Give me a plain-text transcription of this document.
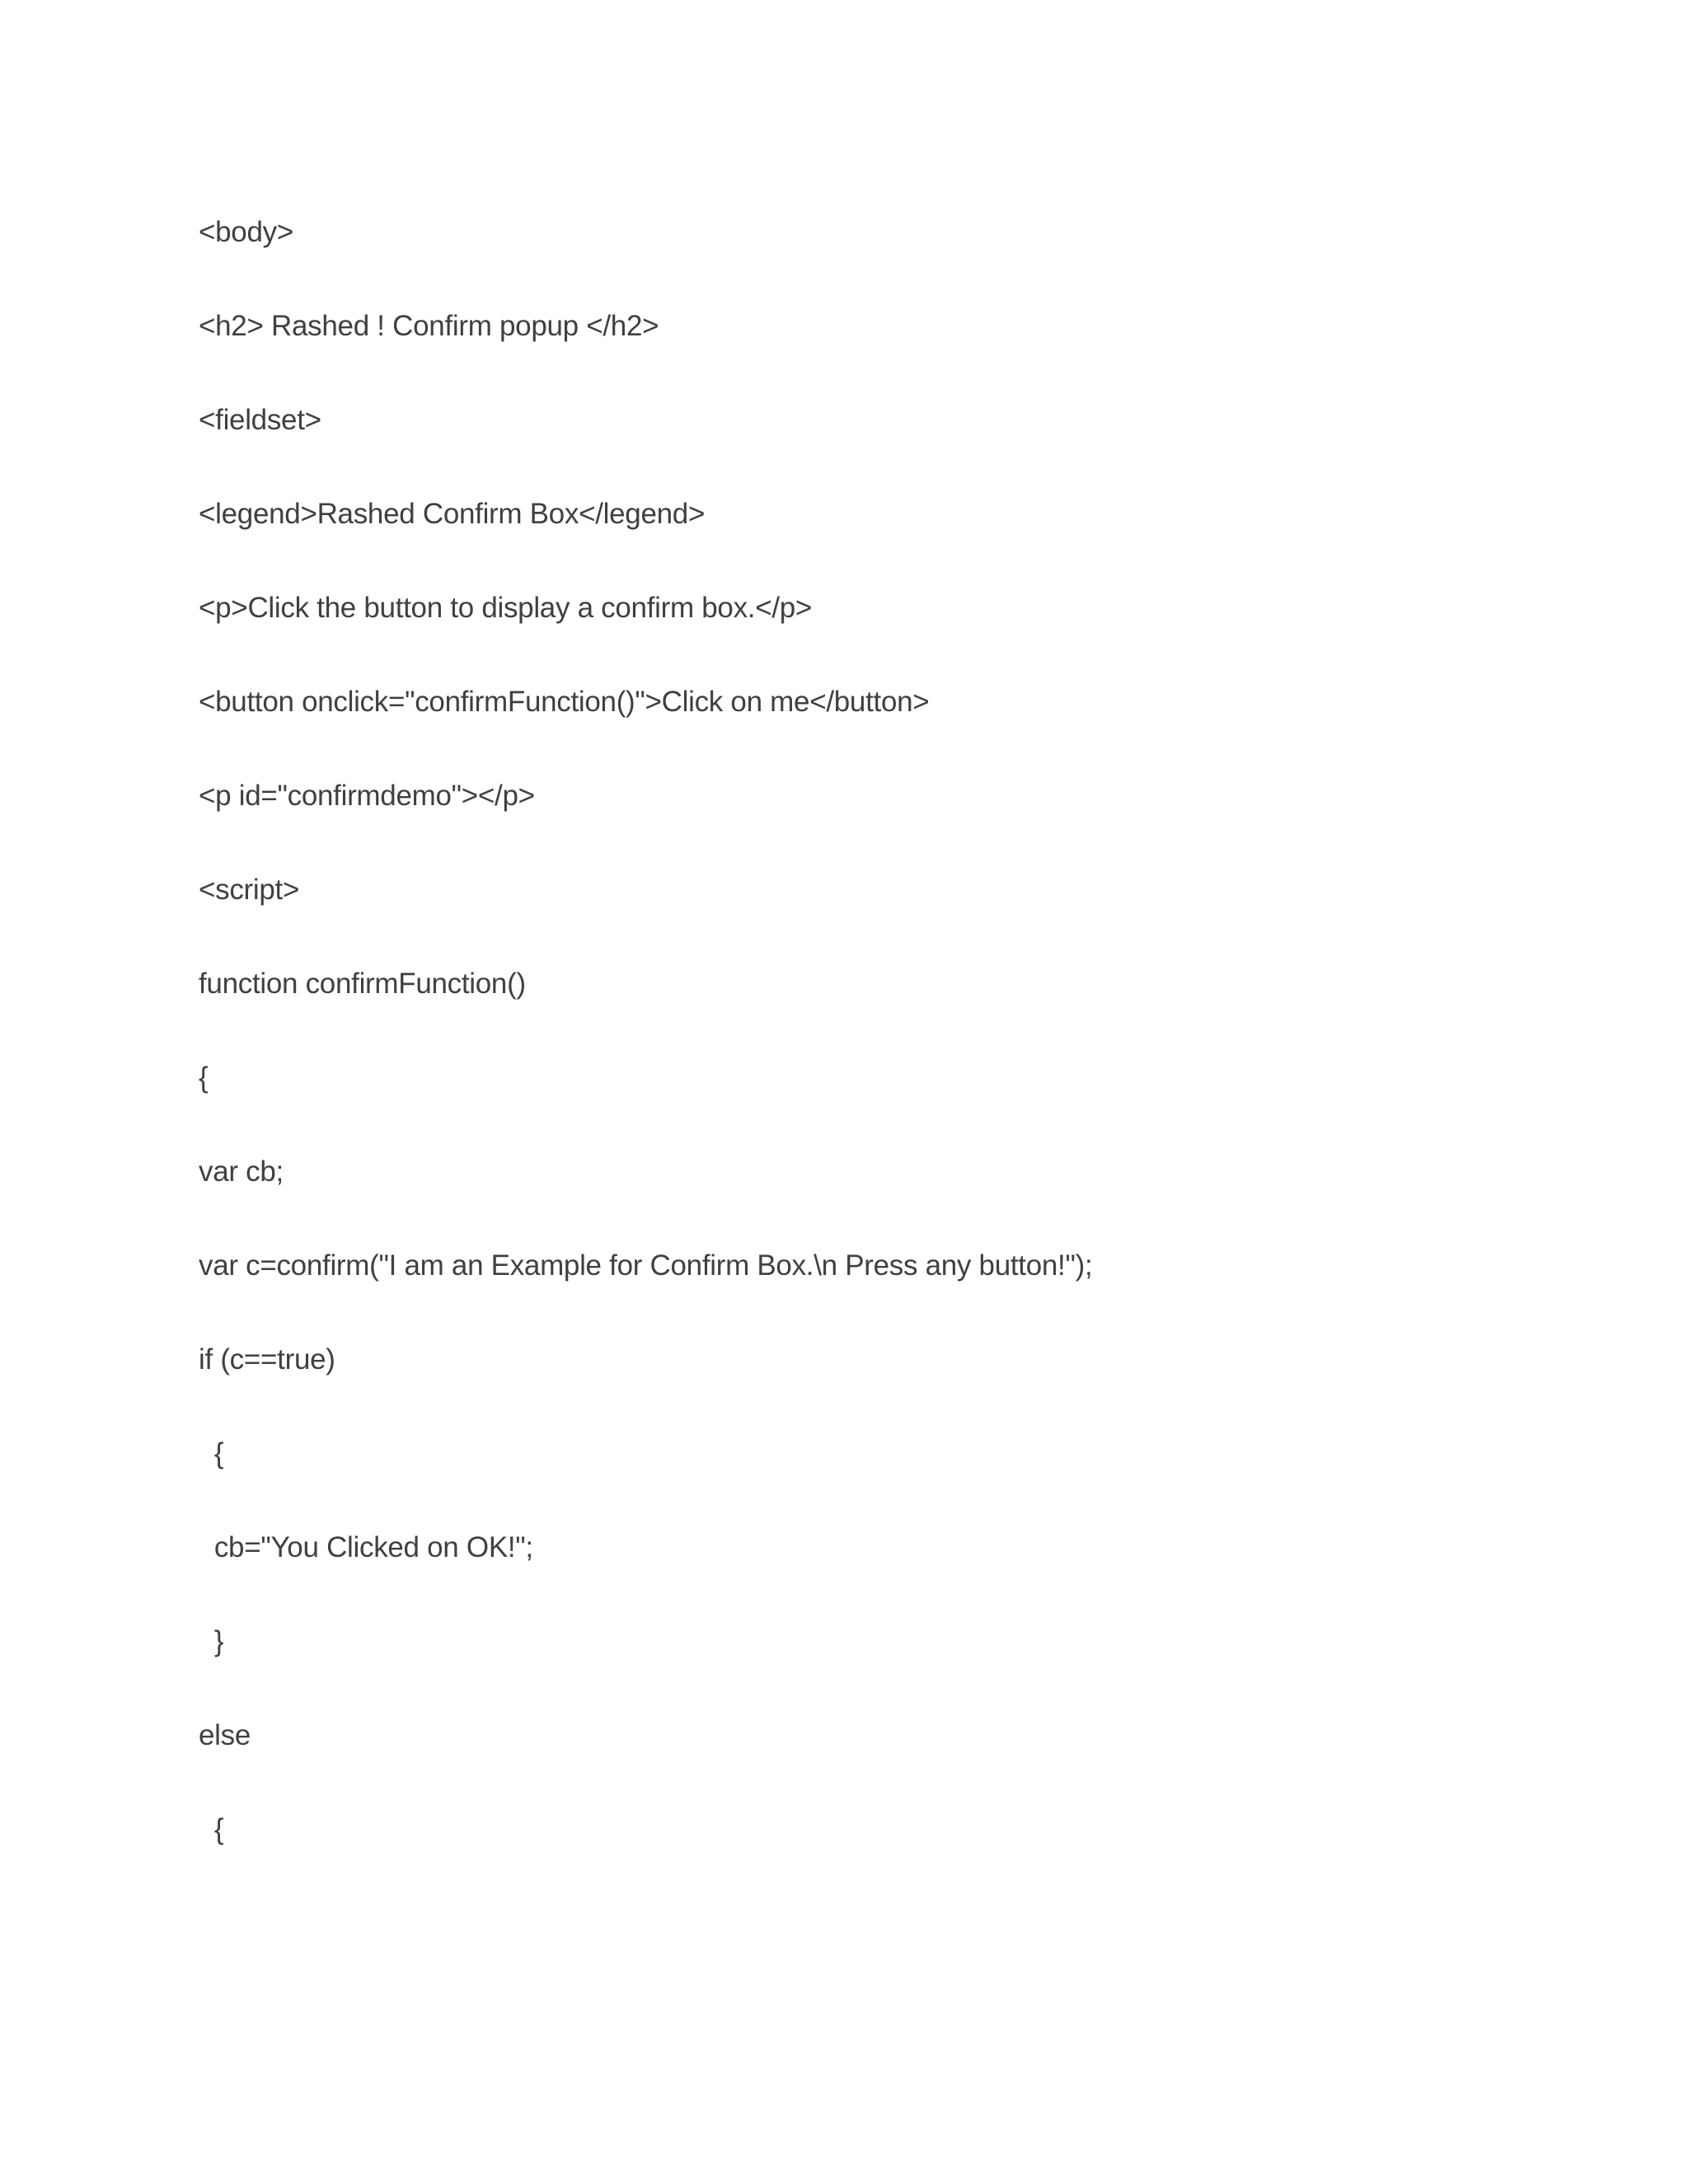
<body>
<h2> Rashed ! Confirm popup </h2>
<fieldset>
<legend>Rashed Confirm Box</legend>
<p>Click the button to display a confirm box.</p>
<button onclick="confirmFunction()">Click on me</button>
<p id="confirmdemo"></p>
<script>
function confirmFunction()
{
var cb;
var c=confirm("I am an Example for Confirm Box.\n Press any button!");
if (c==true)
{
cb="You Clicked on OK!";
}
else
{
